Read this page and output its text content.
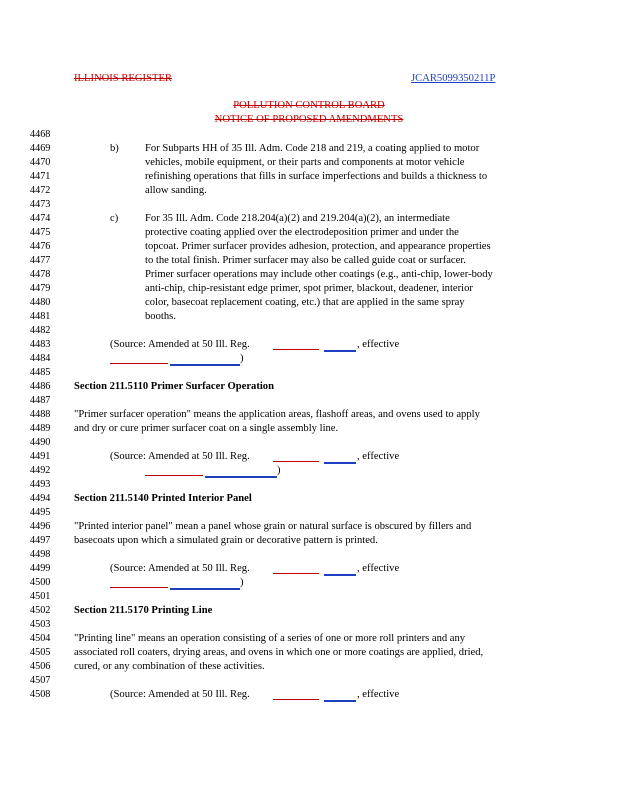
ILLINOIS REGISTER	JCAR5099350211P
POLLUTION CONTROL BOARD
NOTICE OF PROPOSED AMENDMENTS
4468
4469
4470
4471
4472
4473
4474
4475
4476
4477
4478
4479
4480
4481
4482
4483
4484
4485
4486
4487
4488
4489
4490
4491
4492
4493
4494
4495
4496
4497
4498
4499
4500
4501
4502
4503
4504
4505
4506
4507
4508
b) For Subparts HH of 35 Ill. Adm. Code 218 and 219, a coating applied to motor
vehicles, mobile equipment, or their parts and components at motor vehicle
refinishing operations that fills in surface imperfections and builds a thickness to
allow sanding.
c)	For 35 Ill. Adm. Code 218.204(a)(2) and 219.204(a)(2), an intermediate
protective coating applied over the electrodeposition primer and under the
topcoat. Primer surfacer provides adhesion, protection, and appearance properties
to the total finish. Primer surfacer may also be called guide coat or surfacer.
Primer surfacer operations may include other coatings (e.g., anti-chip, lower-body
anti-chip, chip-resistant edge primer, spot primer, blackout, deadener, interior
color, basecoat replacement coating, etc.) that are applied in the same spray
booths.
(Source: Amended at 50 Ill. Reg.	, effective
)
Section 211.5110 Primer Surfacer Operation
"Primer surfacer operation" means the application areas, flashoff areas, and ovens used to apply
and dry or cure primer surfacer coat on a single assembly line.
(Source: Amended at 50 Ill. Reg.	, effective
)
Section 211.5140 Printed Interior Panel
"Printed interior panel" mean a panel whose grain or natural surface is obscured by fillers and
basecoats upon which a simulated grain or decorative pattern is printed.
(Source: Amended at 50 Ill. Reg.	, effective
)
Section 211.5170 Printing Line
"Printing line" means an operation consisting of a series of one or more roll printers and any
associated roll coaters, drying areas, and ovens in which one or more coatings are applied, dried,
cured, or any combination of these activities.
(Source: Amended at 50 Ill. Reg.	, effective
